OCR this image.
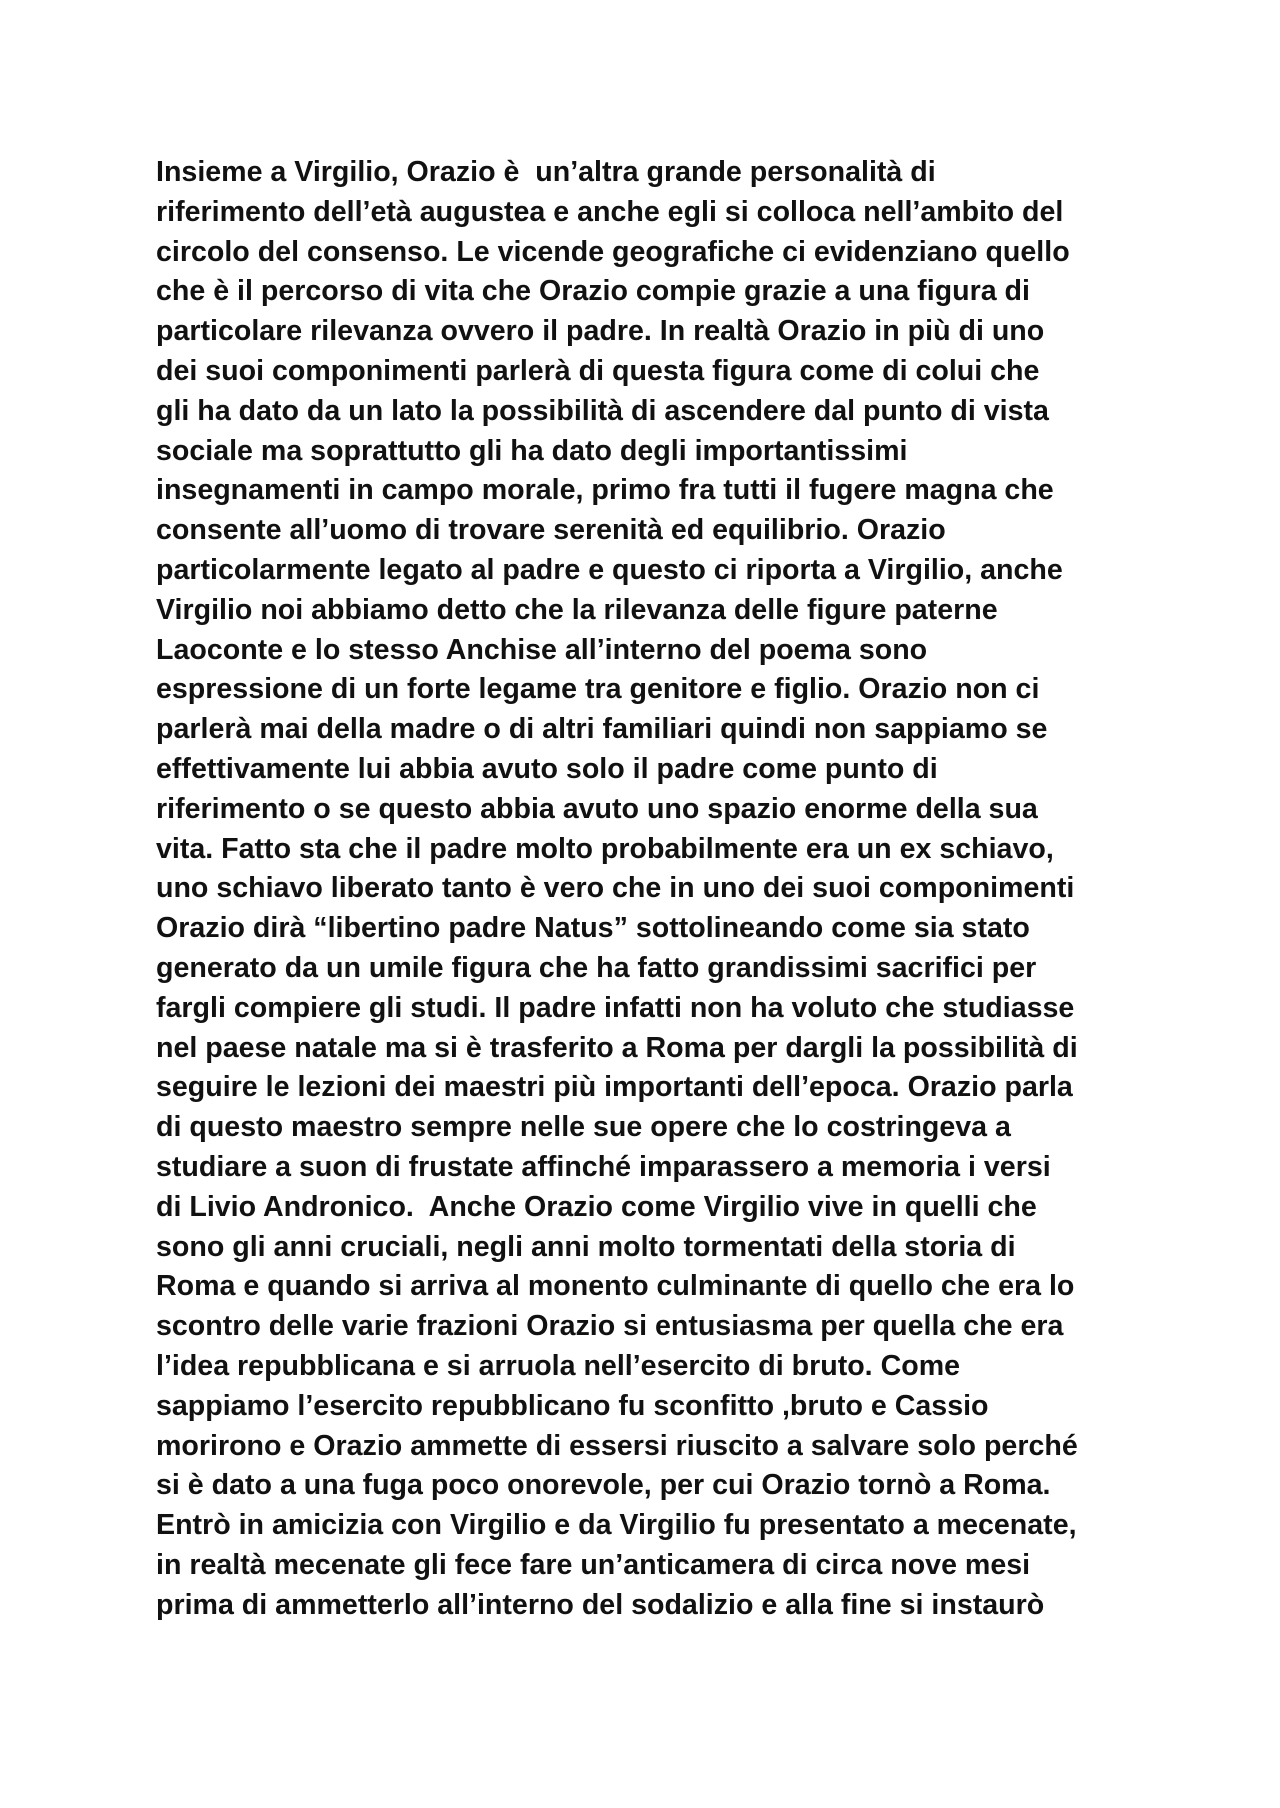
Insieme a Virgilio, Orazio è  un’altra grande personalità di
riferimento dell’età augustea e anche egli si colloca nell’ambito del
circolo del consenso. Le vicende geografiche ci evidenziano quello
che è il percorso di vita che Orazio compie grazie a una figura di
particolare rilevanza ovvero il padre. In realtà Orazio in più di uno
dei suoi componimenti parlerà di questa figura come di colui che
gli ha dato da un lato la possibilità di ascendere dal punto di vista
sociale ma soprattutto gli ha dato degli importantissimi
insegnamenti in campo morale, primo fra tutti il fugere magna che
consente all’uomo di trovare serenità ed equilibrio. Orazio
particolarmente legato al padre e questo ci riporta a Virgilio, anche
Virgilio noi abbiamo detto che la rilevanza delle figure paterne
Laoconte e lo stesso Anchise all’interno del poema sono
espressione di un forte legame tra genitore e figlio. Orazio non ci
parlerà mai della madre o di altri familiari quindi non sappiamo se
effettivamente lui abbia avuto solo il padre come punto di
riferimento o se questo abbia avuto uno spazio enorme della sua
vita. Fatto sta che il padre molto probabilmente era un ex schiavo,
uno schiavo liberato tanto è vero che in uno dei suoi componimenti
Orazio dirà “libertino padre Natus” sottolineando come sia stato
generato da un umile figura che ha fatto grandissimi sacrifici per
fargli compiere gli studi. Il padre infatti non ha voluto che studiasse
nel paese natale ma si è trasferito a Roma per dargli la possibilità di
seguire le lezioni dei maestri più importanti dell’epoca. Orazio parla
di questo maestro sempre nelle sue opere che lo costringeva a
studiare a suon di frustate affinché imparassero a memoria i versi
di Livio Andronico.  Anche Orazio come Virgilio vive in quelli che
sono gli anni cruciali, negli anni molto tormentati della storia di
Roma e quando si arriva al monento culminante di quello che era lo
scontro delle varie frazioni Orazio si entusiasma per quella che era
l’idea repubblicana e si arruola nell’esercito di bruto. Come
sappiamo l’esercito repubblicano fu sconfitto ,bruto e Cassio
morirono e Orazio ammette di essersi riuscito a salvare solo perché
si è dato a una fuga poco onorevole, per cui Orazio tornò a Roma.
Entrò in amicizia con Virgilio e da Virgilio fu presentato a mecenate,
in realtà mecenate gli fece fare un’anticamera di circa nove mesi
prima di ammetterlo all’interno del sodalizio e alla fine si instaurò
